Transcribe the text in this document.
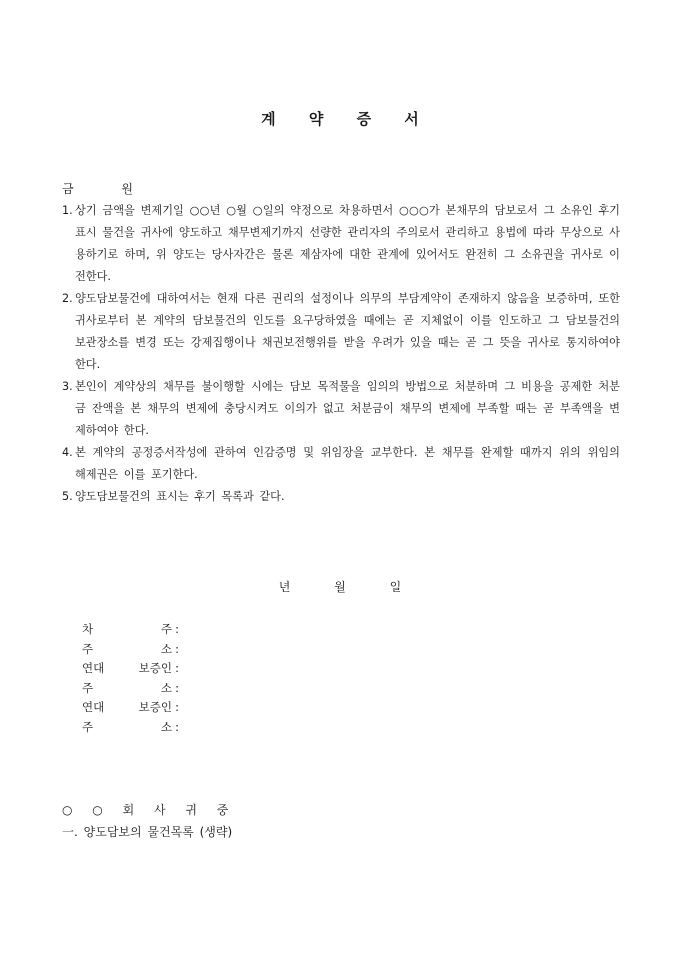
계 약 증 서
금 원
1. 상기 금액을 변제기일 ○○년 ○월 ○일의 약정으로 차용하면서 ○○○가 본채무의 담보로서 그 소유인 후기 표시 물건을 귀사에 양도하고 채무변제기까지 선량한 관리자의 주의로서 관리하고 용법에 따라 무상으로 사용하기로 하며, 위 양도는 당사자간은 물론 제삼자에 대한 관계에 있어서도 완전히 그 소유권을 귀사로 이전한다.
2. 양도담보물건에 대하여서는 현재 다른 권리의 설정이나 의무의 부담계약이 존재하지 않음을 보증하며, 또한 귀사로부터 본 계약의 담보물건의 인도를 요구당하였을 때에는 곧 지체없이 이를 인도하고 그 담보물건의 보관장소를 변경 또는 강제집행이나 채권보전행위를 받을 우려가 있을 때는 곧 그 뜻을 귀사로 통지하여야 한다.
3. 본인이 계약상의 채무를 불이행할 시에는 담보 목적물을 임의의 방법으로 처분하며 그 비용을 공제한 처분금 잔액을 본 채무의 변제에 충당시켜도 이의가 없고 처분금이 채무의 변제에 부족할 때는 곧 부족액을 변제하여야 한다.
4. 본 계약의 공정증서작성에 관하여 인감증명 및 위임장을 교부한다. 본 채무를 완제할 때까지 위의 위임의 해제권은 이를 포기한다.
5. 양도담보물건의 표시는 후기 목록과 같다.
년 월 일
차 주 :
주 소 :
연대 보증인 :
주 소 :
연대 보증인 :
주 소 :
○ ○ 회 사 귀 중
一. 양도담보의 물건목록 (생략)
